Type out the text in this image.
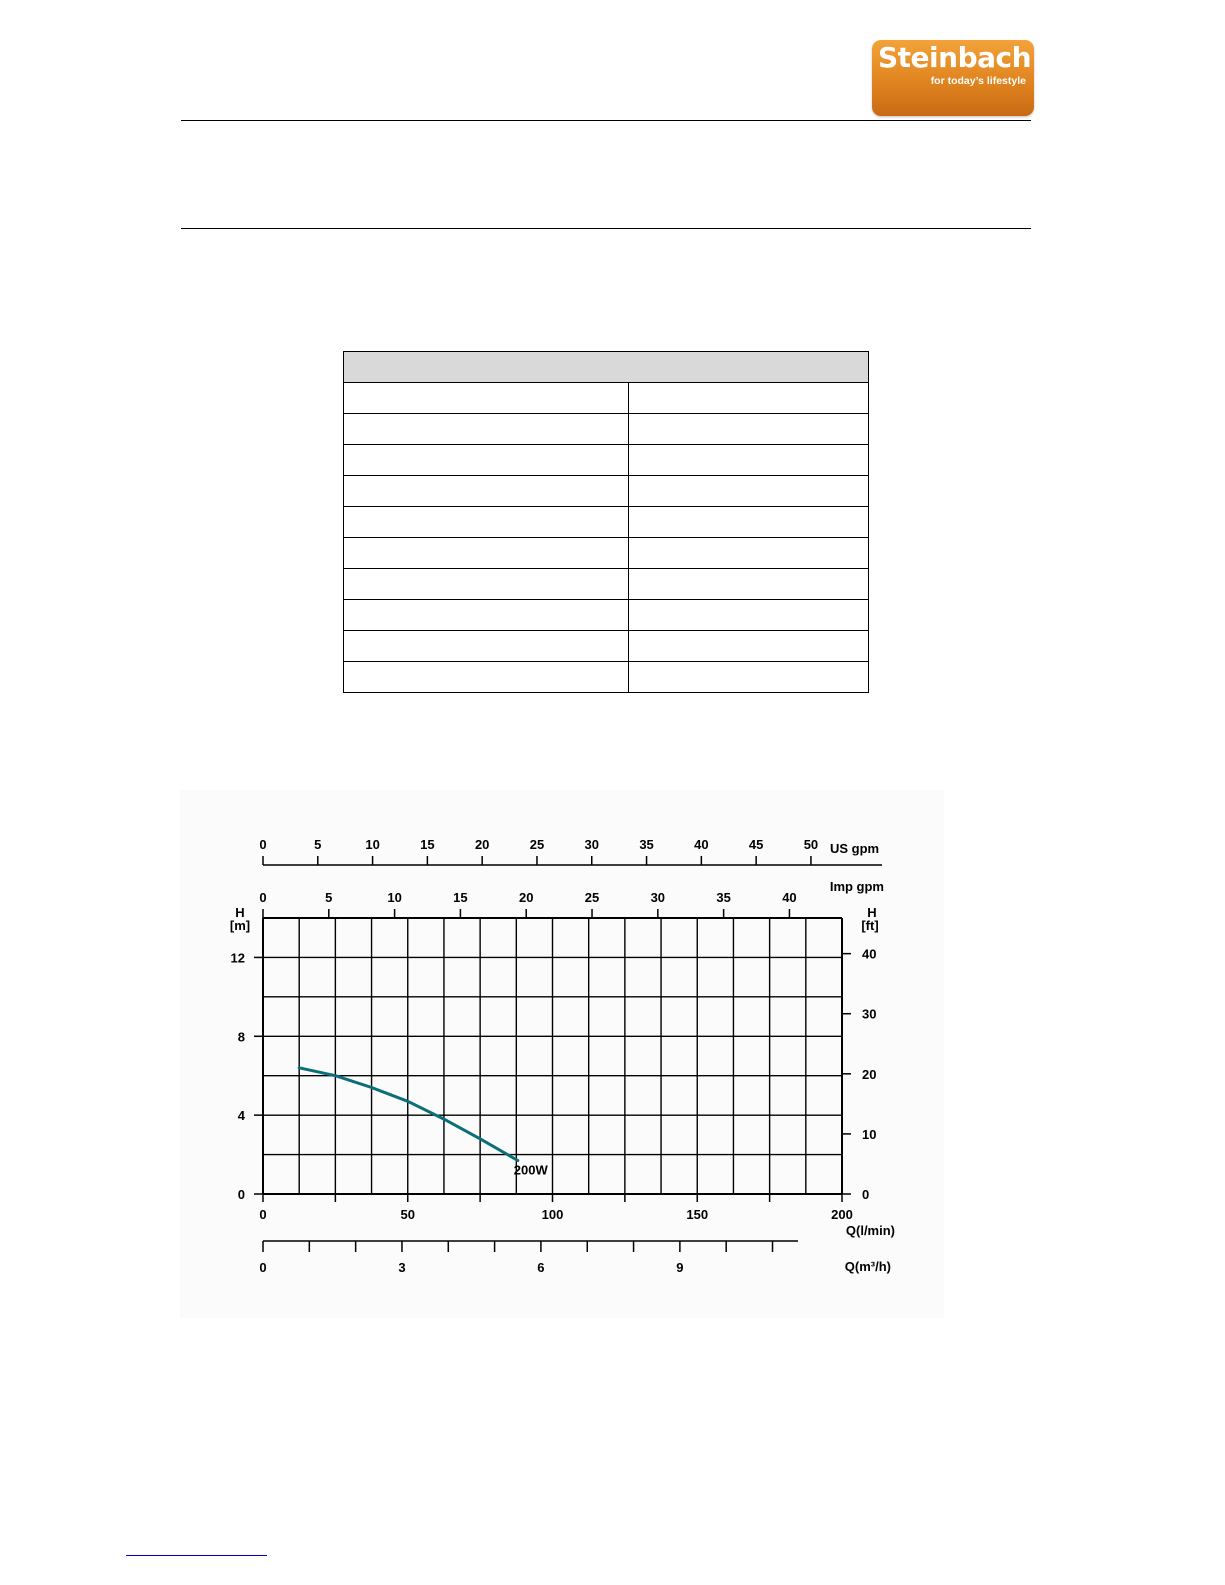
Steinbach
for today’s lifestyle

0
4
8
12
H
[m]
0
10
20
30
40
H
[ft]
0	50	100	150	200
Q(l/min)
0	5	10	15	20	25	30	35	40	45	50 US gpm
0	5	10	15	20	25	30	35	40
Imp gpm
0	3	6	9	Q(m³/h)
200W
